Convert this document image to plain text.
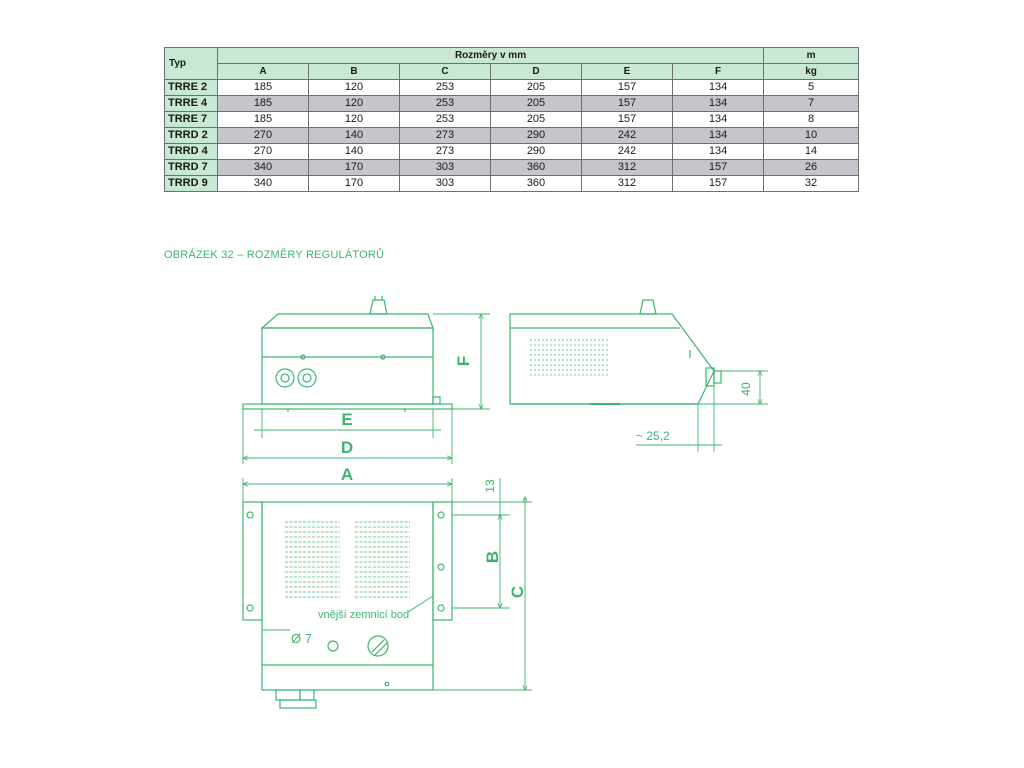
Typ	Rozměry v mm						m
	A	B	C	D	E	F	kg
TRRE 2	185	120	253	205	157	134	5
TRRE 4	185	120	253	205	157	134	7
TRRE 7	185	120	253	205	157	134	8
TRRD 2	270	140	273	290	242	134	10
TRRD 4	270	140	273	290	242	134	14
TRRD 7	340	170	303	360	312	157	26
TRRD 9	340	170	303	360	312	157	32
OBRÁZEK 32 – ROZMĚRY REGULÁTORŮ
F
E
D
40
~ 25,2
vnější zemnicí bod
Ø 7
A
13
B
C
